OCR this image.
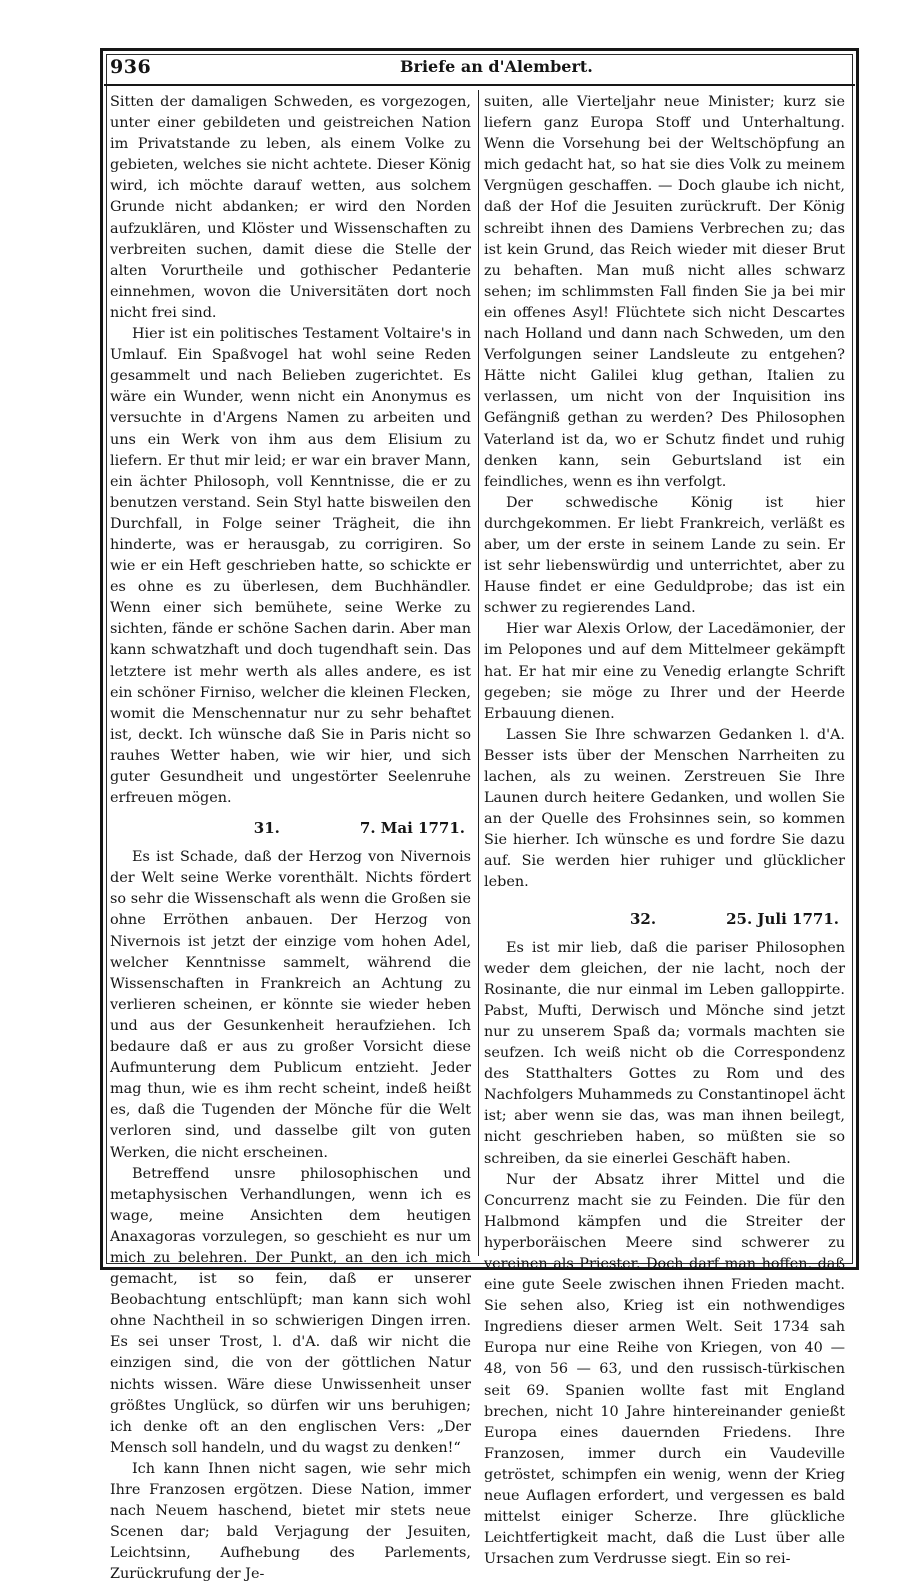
936	Briefe an d'Alembert.

Sitten der damaligen Schweden, es vorgezogen, unter einer gebildeten und geistreichen Nation im Privatstande zu leben, als einem Volke zu gebieten, welches sie nicht achtete. Dieser König wird, ich möchte darauf wetten, aus solchem Grunde nicht abdanken; er wird den Norden aufzuklären, und Klöster und Wissenschaften zu verbreiten suchen, damit diese die Stelle der alten Vorurtheile und gothischer Pedanterie einnehmen, wovon die Universitäten dort noch nicht frei sind.

Hier ist ein politisches Testament Voltaire's in Umlauf. Ein Spaßvogel hat wohl seine Reden gesammelt und nach Belieben zugerichtet. Es wäre ein Wunder, wenn nicht ein Anonymus es versuchte in d'Argens Namen zu arbeiten und uns ein Werk von ihm aus dem Elisium zu liefern. Er thut mir leid; er war ein braver Mann, ein ächter Philosoph, voll Kenntnisse, die er zu benutzen verstand. Sein Styl hatte bisweilen den Durchfall, in Folge seiner Trägheit, die ihn hinderte, was er herausgab, zu corrigiren. So wie er ein Heft geschrieben hatte, so schickte er es ohne es zu überlesen, dem Buchhändler. Wenn einer sich bemühete, seine Werke zu sichten, fände er schöne Sachen darin. Aber man kann schwatzhaft und doch tugendhaft sein. Das letztere ist mehr werth als alles andere, es ist ein schöner Firniso, welcher die kleinen Flecken, womit die Menschennatur nur zu sehr behaftet ist, deckt. Ich wünsche daß Sie in Paris nicht so rauhes Wetter haben, wie wir hier, und sich guter Gesundheit und ungestörter Seelenruhe erfreuen mögen.

31.	7. Mai 1771.

Es ist Schade, daß der Herzog von Nivernois der Welt seine Werke vorenthält. Nichts fördert so sehr die Wissenschaft als wenn die Großen sie ohne Erröthen anbauen. Der Herzog von Nivernois ist jetzt der einzige vom hohen Adel, welcher Kenntnisse sammelt, während die Wissenschaften in Frankreich an Achtung zu verlieren scheinen, er könnte sie wieder heben und aus der Gesunkenheit heraufziehen. Ich bedaure daß er aus zu großer Vorsicht diese Aufmunterung dem Publicum entzieht. Jeder mag thun, wie es ihm recht scheint, indeß heißt es, daß die Tugenden der Mönche für die Welt verloren sind, und dasselbe gilt von guten Werken, die nicht erscheinen.

Betreffend unsre philosophischen und metaphysischen Verhandlungen, wenn ich es wage, meine Ansichten dem heutigen Anaxagoras vorzulegen, so geschieht es nur um mich zu belehren. Der Punkt, an den ich mich gemacht, ist so fein, daß er unserer Beobachtung entschlüpft; man kann sich wohl ohne Nachtheil in so schwierigen Dingen irren. Es sei unser Trost, l. d'A. daß wir nicht die einzigen sind, die von der göttlichen Natur nichts wissen. Wäre diese Unwissenheit unser größtes Unglück, so dürfen wir uns beruhigen; ich denke oft an den englischen Vers: „Der Mensch soll handeln, und du wagst zu denken!“

Ich kann Ihnen nicht sagen, wie sehr mich Ihre Franzosen ergötzen. Diese Nation, immer nach Neuem haschend, bietet mir stets neue Scenen dar; bald Verjagung der Jesuiten, Leichtsinn, Aufhebung des Parlements, Zurückrufung der Je-

suiten, alle Vierteljahr neue Minister; kurz sie liefern ganz Europa Stoff und Unterhaltung. Wenn die Vorsehung bei der Weltschöpfung an mich gedacht hat, so hat sie dies Volk zu meinem Vergnügen geschaffen. — Doch glaube ich nicht, daß der Hof die Jesuiten zurückruft. Der König schreibt ihnen des Damiens Verbrechen zu; das ist kein Grund, das Reich wieder mit dieser Brut zu behaften. Man muß nicht alles schwarz sehen; im schlimmsten Fall finden Sie ja bei mir ein offenes Asyl! Flüchtete sich nicht Descartes nach Holland und dann nach Schweden, um den Verfolgungen seiner Landsleute zu entgehen? Hätte nicht Galilei klug gethan, Italien zu verlassen, um nicht von der Inquisition ins Gefängniß gethan zu werden? Des Philosophen Vaterland ist da, wo er Schutz findet und ruhig denken kann, sein Geburtsland ist ein feindliches, wenn es ihn verfolgt.

Der schwedische König ist hier durchgekommen. Er liebt Frankreich, verläßt es aber, um der erste in seinem Lande zu sein. Er ist sehr liebenswürdig und unterrichtet, aber zu Hause findet er eine Geduldprobe; das ist ein schwer zu regierendes Land.

Hier war Alexis Orlow, der Lacedämonier, der im Pelopones und auf dem Mittelmeer gekämpft hat. Er hat mir eine zu Venedig erlangte Schrift gegeben; sie möge zu Ihrer und der Heerde Erbauung dienen.

Lassen Sie Ihre schwarzen Gedanken l. d'A. Besser ists über der Menschen Narrheiten zu lachen, als zu weinen. Zerstreuen Sie Ihre Launen durch heitere Gedanken, und wollen Sie an der Quelle des Frohsinnes sein, so kommen Sie hierher. Ich wünsche es und fordre Sie dazu auf. Sie werden hier ruhiger und glücklicher leben.

32.	25. Juli 1771.

Es ist mir lieb, daß die pariser Philosophen weder dem gleichen, der nie lacht, noch der Rosinante, die nur einmal im Leben galloppirte. Pabst, Mufti, Derwisch und Mönche sind jetzt nur zu unserem Spaß da; vormals machten sie seufzen. Ich weiß nicht ob die Correspondenz des Statthalters Gottes zu Rom und des Nachfolgers Muhammeds zu Constantinopel ächt ist; aber wenn sie das, was man ihnen beilegt, nicht geschrieben haben, so müßten sie so schreiben, da sie einerlei Geschäft haben.

Nur der Absatz ihrer Mittel und die Concurrenz macht sie zu Feinden. Die für den Halbmond kämpfen und die Streiter der hyperboräischen Meere sind schwerer zu vereinen als Priester. Doch darf man hoffen, daß eine gute Seele zwischen ihnen Frieden macht. Sie sehen also, Krieg ist ein nothwendiges Ingrediens dieser armen Welt. Seit 1734 sah Europa nur eine Reihe von Kriegen, von 40 — 48, von 56 — 63, und den russisch-türkischen seit 69. Spanien wollte fast mit England brechen, nicht 10 Jahre hintereinander genießt Europa eines dauernden Friedens. Ihre Franzosen, immer durch ein Vaudeville getröstet, schimpfen ein wenig, wenn der Krieg neue Auflagen erfordert, und vergessen es bald mittelst einiger Scherze. Ihre glückliche Leichtfertigkeit macht, daß die Lust über alle Ursachen zum Verdrusse siegt. Ein so rei-
